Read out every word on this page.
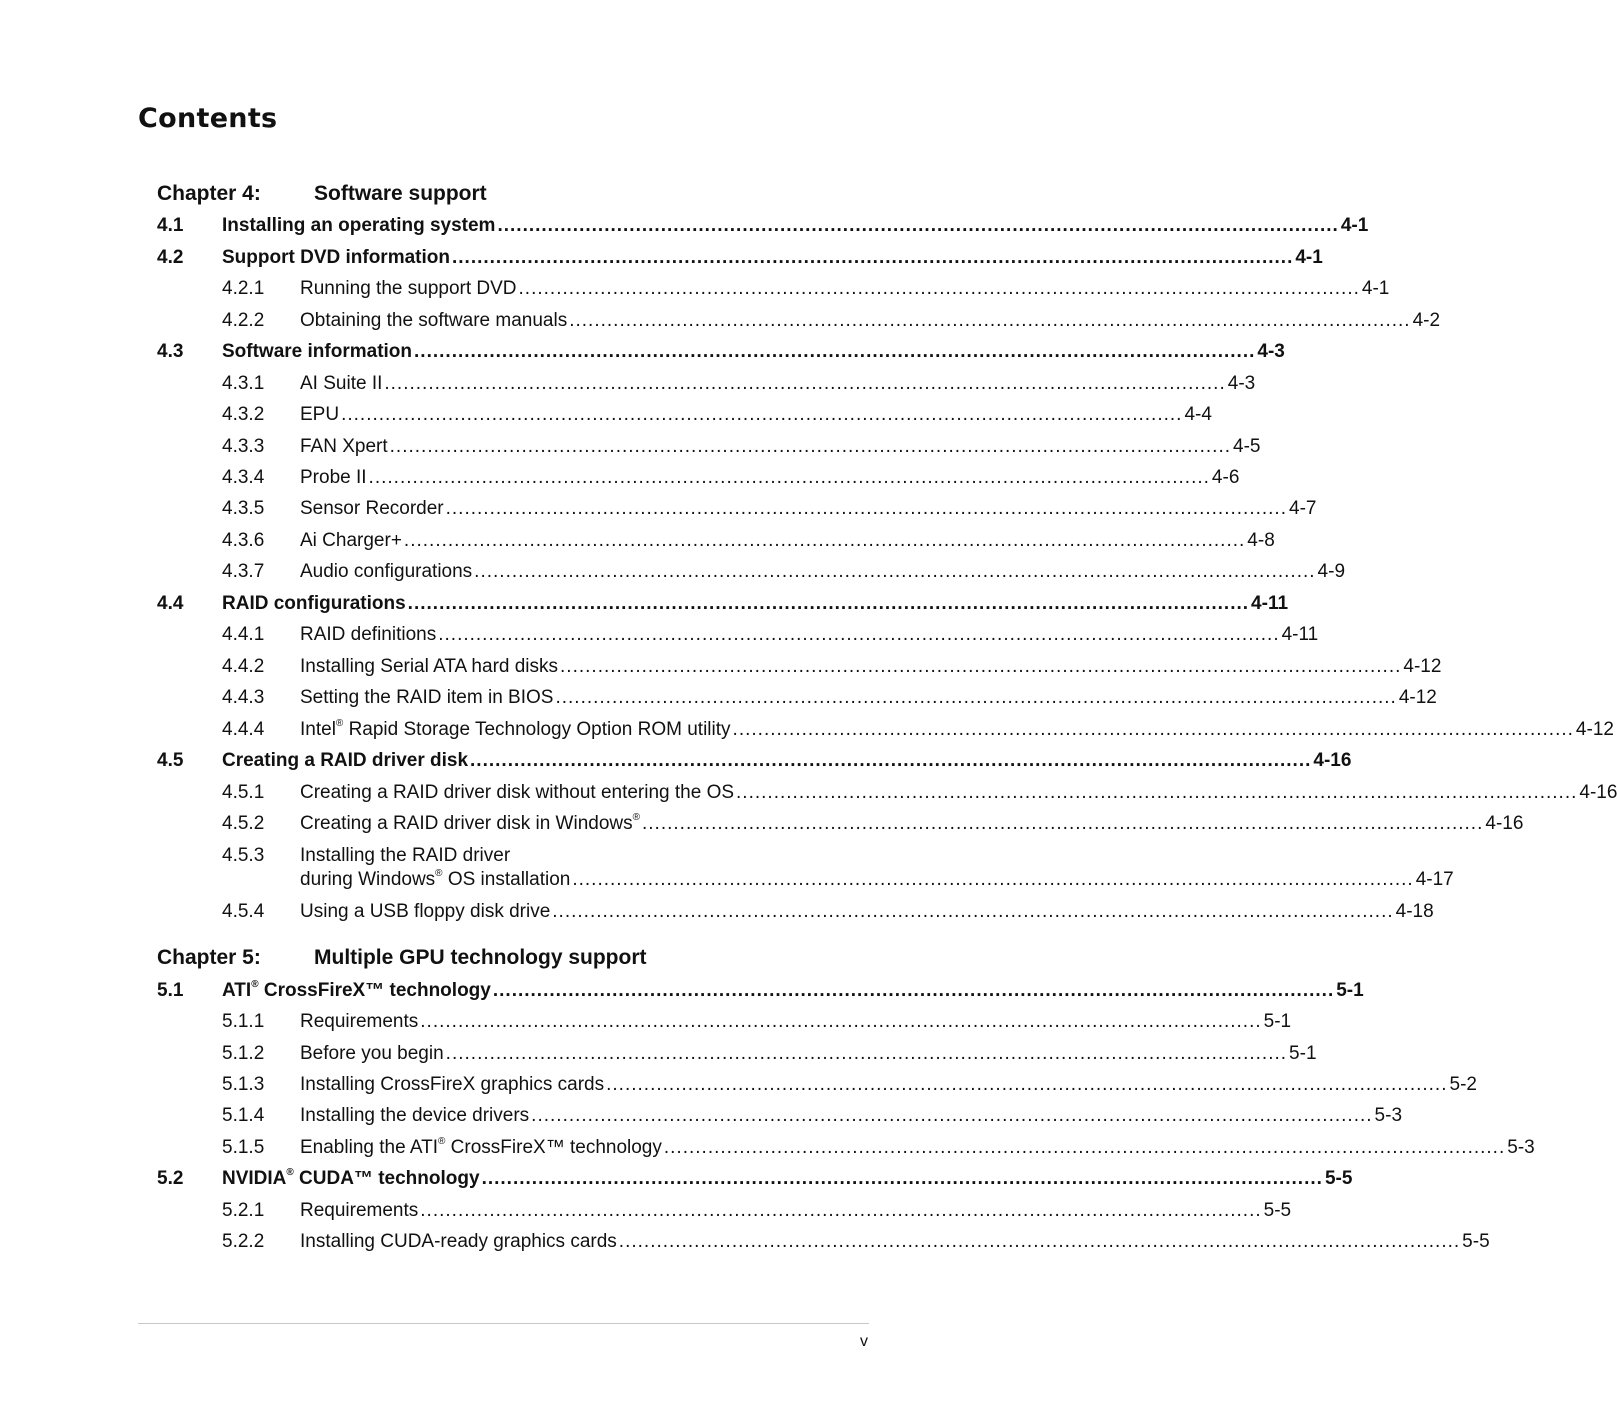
Contents
Chapter 4:	Software support
4.1 Installing an operating system ...................................................................................................................................... 4-1
4.2 Support DVD information ...................................................................................................................................... 4-1
4.2.1 Running the support DVD ...................................................................................................................................... 4-1
4.2.2 Obtaining the software manuals ...................................................................................................................................... 4-2
4.3 Software information ...................................................................................................................................... 4-3
4.3.1 AI Suite II ...................................................................................................................................... 4-3
4.3.2 EPU ...................................................................................................................................... 4-4
4.3.3 FAN Xpert ...................................................................................................................................... 4-5
4.3.4 Probe II ...................................................................................................................................... 4-6
4.3.5 Sensor Recorder ...................................................................................................................................... 4-7
4.3.6 Ai Charger+ ...................................................................................................................................... 4-8
4.3.7 Audio configurations ...................................................................................................................................... 4-9
4.4 RAID configurations ...................................................................................................................................... 4-11
4.4.1 RAID definitions ...................................................................................................................................... 4-11
4.4.2 Installing Serial ATA hard disks ...................................................................................................................................... 4-12
4.4.3 Setting the RAID item in BIOS ...................................................................................................................................... 4-12
4.4.4 Intel® Rapid Storage Technology Option ROM utility ...................................................................................................................................... 4-12
4.5 Creating a RAID driver disk ...................................................................................................................................... 4-16
4.5.1 Creating a RAID driver disk without entering the OS ...................................................................................................................................... 4-16
4.5.2 Creating a RAID driver disk in Windows® ...................................................................................................................................... 4-16
4.5.3 Installing the RAID driver
during Windows® OS installation ...................................................................................................................................... 4-17
4.5.4 Using a USB floppy disk drive ...................................................................................................................................... 4-18
Chapter 5:	Multiple GPU technology support
5.1 ATI® CrossFireX™ technology ...................................................................................................................................... 5-1
5.1.1 Requirements ...................................................................................................................................... 5-1
5.1.2 Before you begin ...................................................................................................................................... 5-1
5.1.3 Installing CrossFireX graphics cards ...................................................................................................................................... 5-2
5.1.4 Installing the device drivers ...................................................................................................................................... 5-3
5.1.5 Enabling the ATI® CrossFireX™ technology ...................................................................................................................................... 5-3
5.2 NVIDIA® CUDA™ technology ...................................................................................................................................... 5-5
5.2.1 Requirements ...................................................................................................................................... 5-5
5.2.2 Installing CUDA-ready graphics cards ...................................................................................................................................... 5-5
v
